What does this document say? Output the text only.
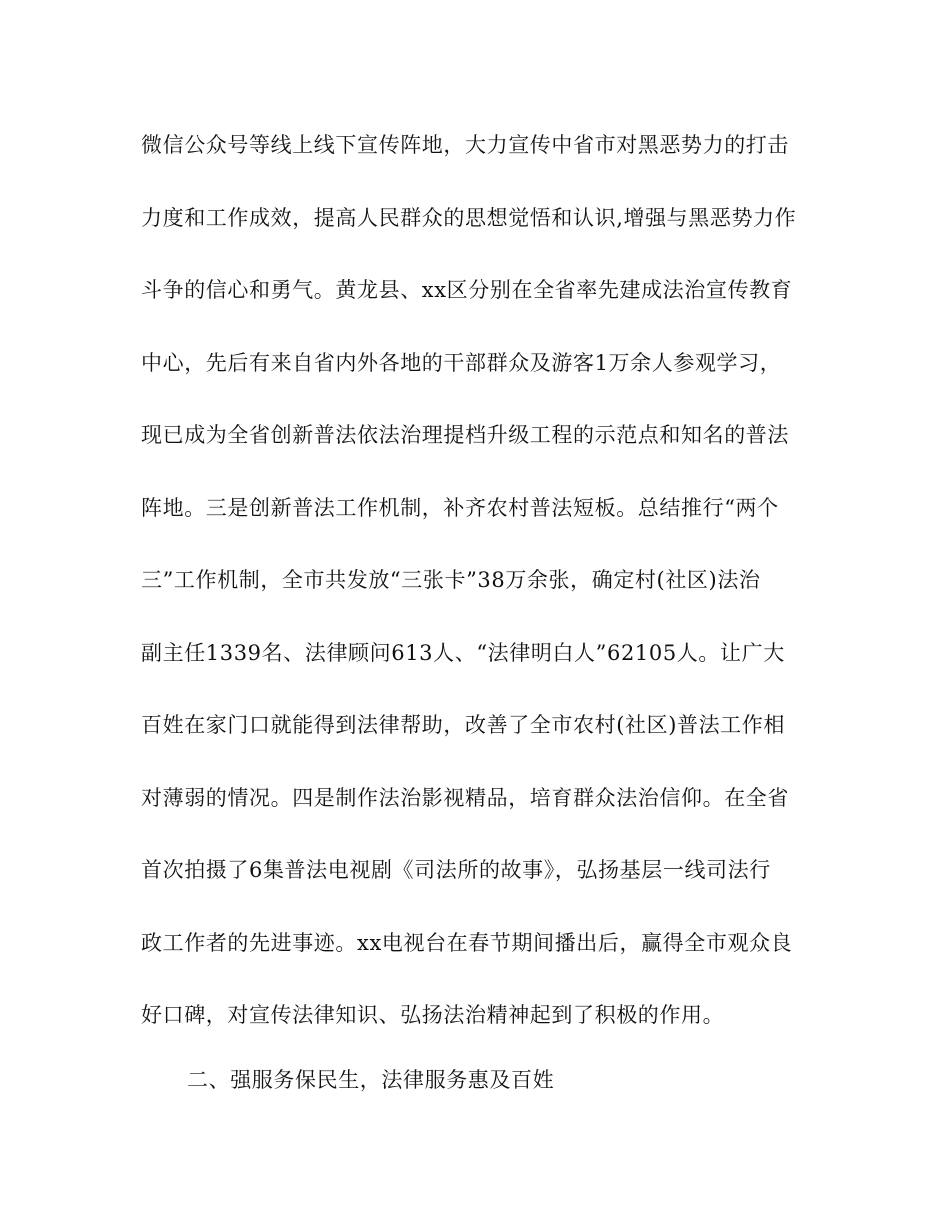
微信公众号等线上线下宣传阵地，大力宣传中省市对黑恶势力的打击
力度和工作成效，提高人民群众的思想觉悟和认识,增强与黑恶势力作
斗争的信心和勇气。黄龙县、xx区分别在全省率先建成法治宣传教育
中心，先后有来自省内外各地的干部群众及游客1万余人参观学习，
现已成为全省创新普法依法治理提档升级工程的示范点和知名的普法
阵地。三是创新普法工作机制，补齐农村普法短板。总结推行“两个
三”工作机制，全市共发放“三张卡”38万余张，确定村(社区)法治
副主任1339名、法律顾问613人、“法律明白人”62105人。让广大
百姓在家门口就能得到法律帮助，改善了全市农村(社区)普法工作相
对薄弱的情况。四是制作法治影视精品，培育群众法治信仰。在全省
首次拍摄了6集普法电视剧《司法所的故事》，弘扬基层一线司法行
政工作者的先进事迹。xx电视台在春节期间播出后，赢得全市观众良
好口碑，对宣传法律知识、弘扬法治精神起到了积极的作用。
二、强服务保民生，法律服务惠及百姓
